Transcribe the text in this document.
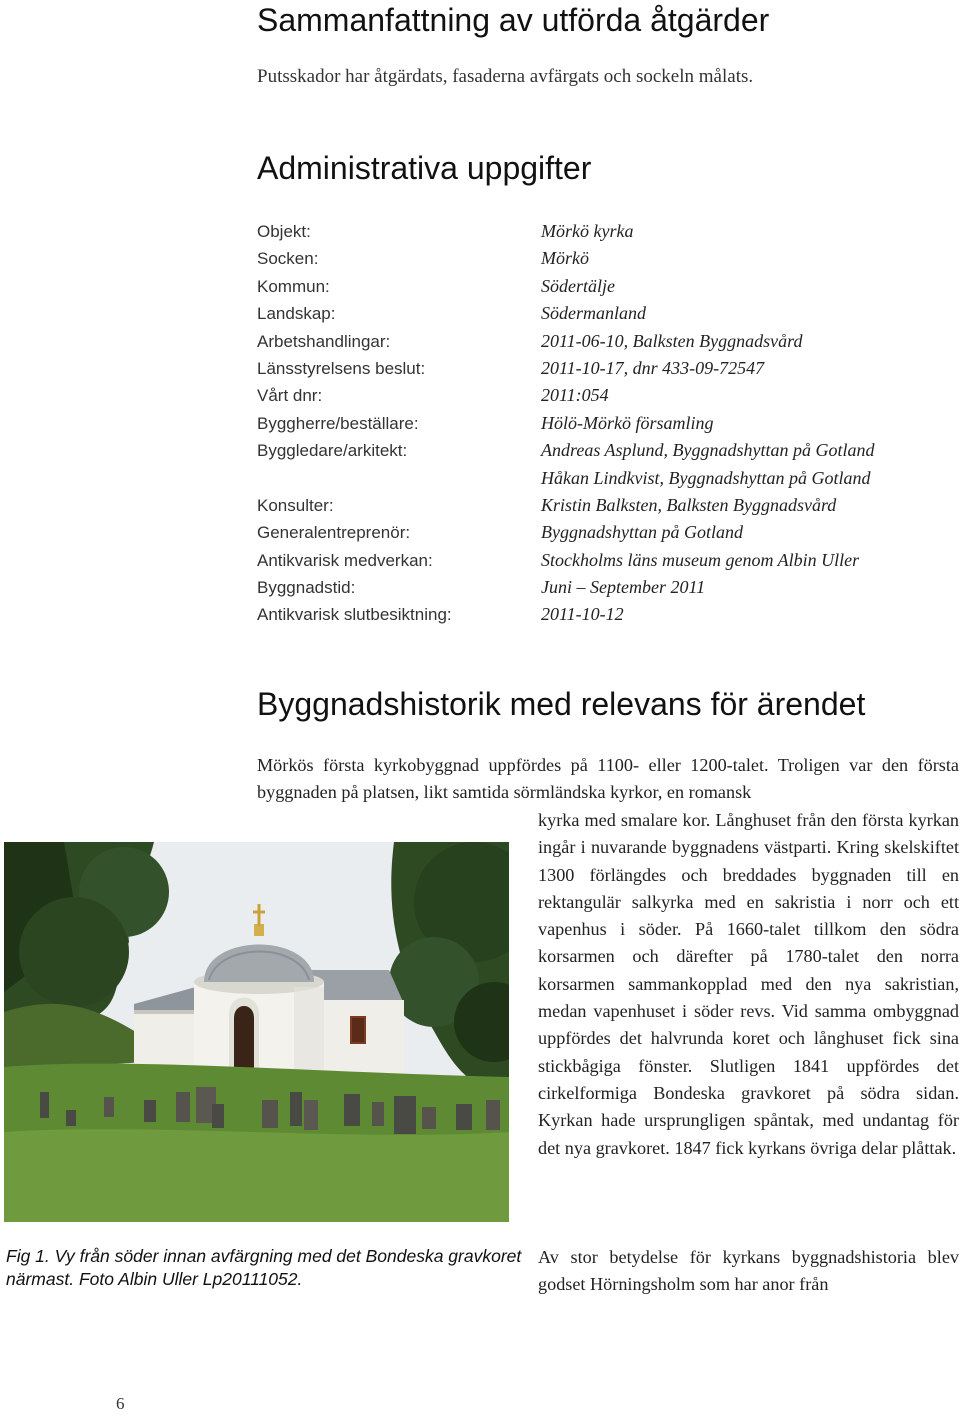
Sammanfattning av utförda åtgärder

Putsskador har åtgärdats, fasaderna avfärgats och sockeln målats.

Administrativa uppgifter
Objekt:	Mörkö kyrka
Socken:	Mörkö
Kommun:	Södertälje
Landskap:	Södermanland
Arbetshandlingar:	2011-06-10, Balksten Byggnadsvård
Länsstyrelsens beslut:	2011-10-17, dnr 433-09-72547
Vårt dnr:	2011:054
Byggherre/beställare:	Hölö-Mörkö församling
Byggledare/arkitekt:	Andreas Asplund, Byggnadshyttan på Gotland
Håkan Lindkvist, Byggnadshyttan på Gotland
Konsulter:	Kristin Balksten, Balksten Byggnadsvård
Generalentreprenör:	Byggnadshyttan på Gotland
Antikvarisk medverkan:	Stockholms läns museum genom Albin Uller
Byggnadstid:	Juni – September 2011
Antikvarisk slutbesiktning:	2011-10-12
Byggnadshistorik med relevans för ärendet

Mörkös första kyrkobyggnad uppfördes på 1100- eller 1200-talet. Troligen var den första byggnaden på platsen, likt samtida sörmländska kyrkor, en romansk

kyrka med smalare kor. Långhuset från den första kyrkan ingår i nuvarande byggnadens västparti. Kring skelskiftet 1300 förlängdes och breddades byggnaden till en rektangulär salkyrka med en sakristia i norr och ett vapenhus i söder. På 1660-talet tillkom den södra korsarmen och därefter på 1780-talet den norra korsarmen sammankopplad med den nya sakristian, medan vapenhuset i söder revs. Vid samma ombyggnad uppfördes det halvrunda koret och långhuset fick sina stickbågiga fönster. Slutligen 1841 uppfördes det cirkelformiga Bondeska gravkoret på södra sidan. Kyrkan hade ursprungligen spåntak, med undantag för det nya gravkoret. 1847 fick kyrkans övriga delar plåttak.

Av stor betydelse för kyrkans byggnadshistoria blev godset Hörningsholm som har anor från

Fig 1. Vy från söder innan avfärgning med det Bondeska gravkoret närmast. Foto Albin Uller Lp20111052.
6
